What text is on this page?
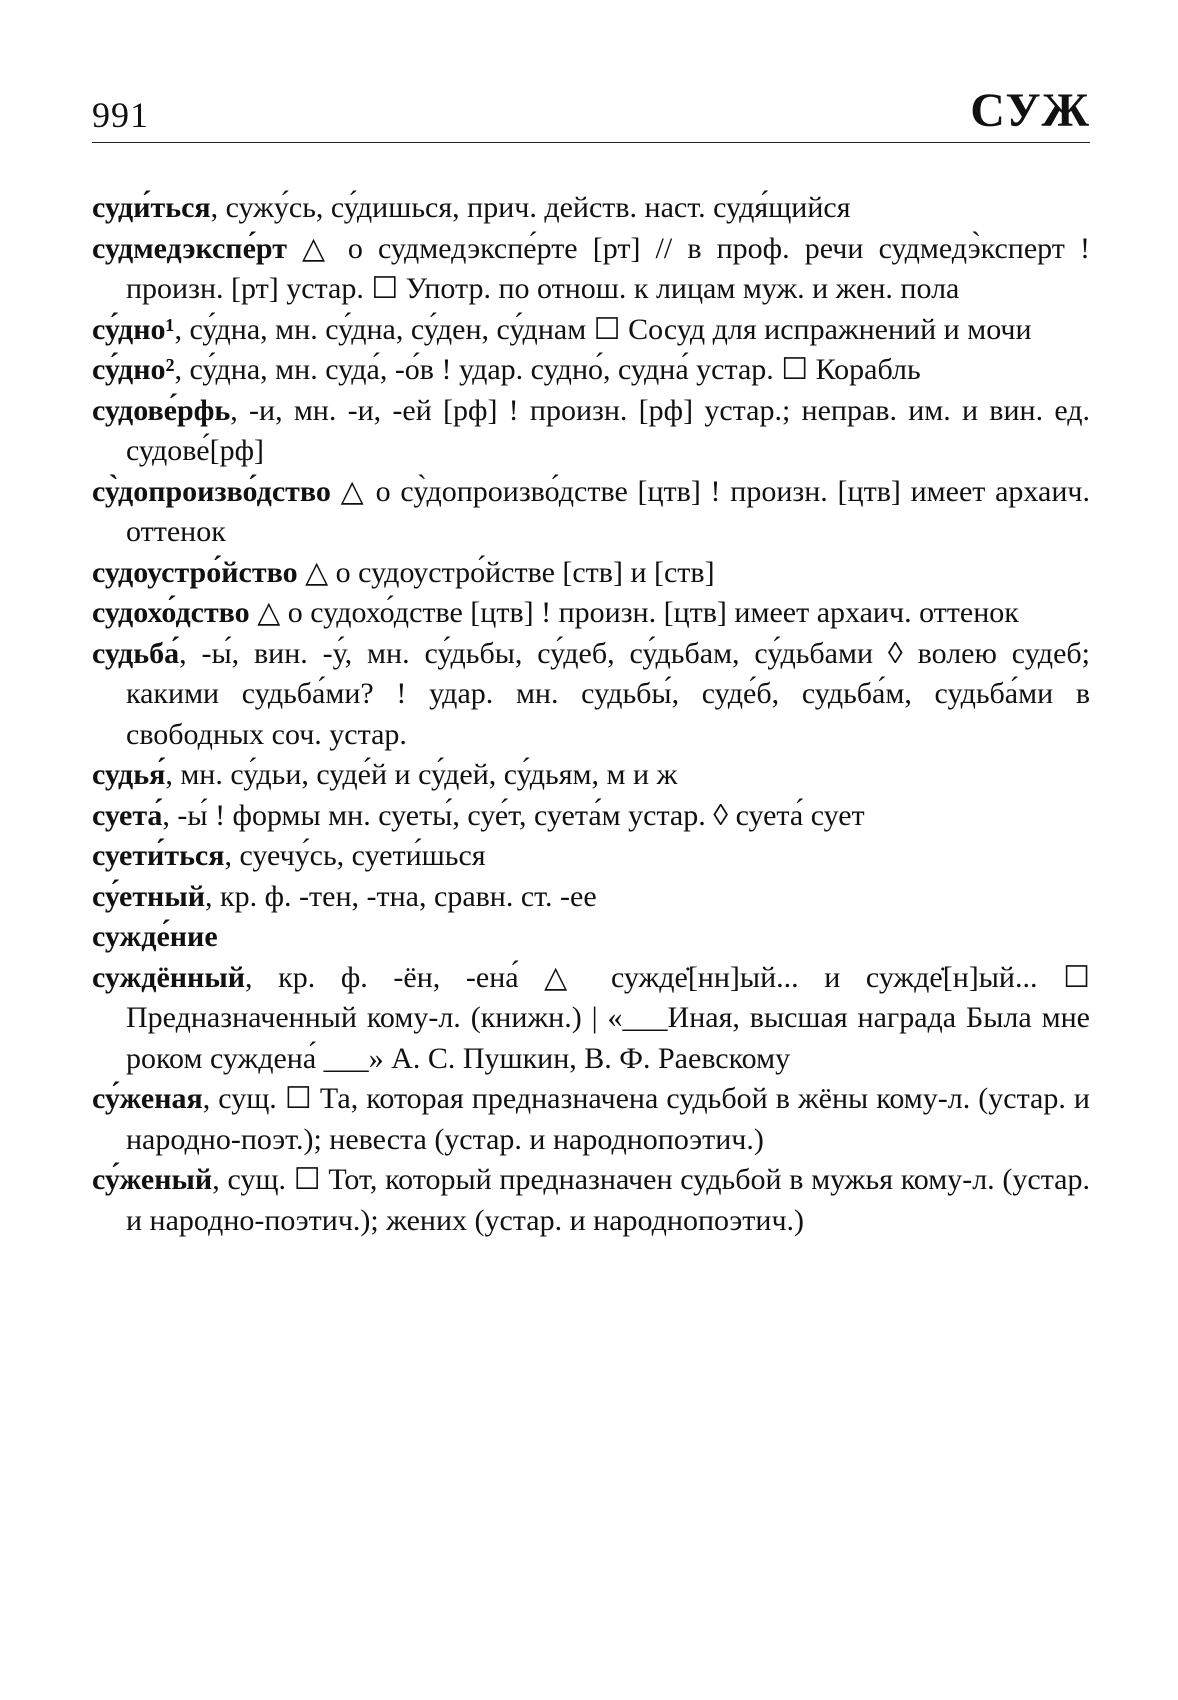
991	СУЖ

суди́ться, сужу́сь, су́дишься, прич. действ. наст. судя́щийся

судмедэкспе́рт △ о судмедэкспе́рте [рт] // в проф. речи судмедэ̀ксперт ! произн. [рт] устар. ☐ Употр. по отнош. к лицам муж. и жен. пола

су́дно¹, су́дна, мн. су́дна, су́ден, су́днам ☐ Сосуд для испражнений и мочи

су́дно², су́дна, мн. суда́, -о́в ! удар. судно́, судна́ устар. ☐ Корабль

судове́рфь, -и, мн. -и, -ей [рф] ! произн. [рф] устар.; неправ. им. и вин. ед. судове́[рф]

су̀допроизво́дство △ о су̀допроизво́дстве [цтв] ! произн. [цтв] имеет архаич. оттенок

судоустро́йство △ о судоустро́йстве [ств] и [ств]

судохо́дство △ о судохо́дстве [цтв] ! произн. [цтв] имеет архаич. оттенок

судьба́, -ы́, вин. -у́, мн. су́дьбы, су́деб, су́дьбам, су́дьбами ◊ волею судеб; какими судьба́ми? ! удар. мн. судьбы́, суде́б, судьба́м, судьба́ми в свободных соч. устар.

судья́, мн. су́дьи, суде́й и су́дей, су́дьям, м и ж

суета́, -ы́ ! формы мн. суеты́, суе́т, суета́м устар. ◊ суета́ сует

суети́ться, суечу́сь, суети́шься

су́етный, кр. ф. -тен, -тна, сравн. ст. -ее

сужде́ние

суждённый, кр. ф. -ён, -ена́ △ сужде̇[нн]ый... и сужде̇[н]ый... ☐ Предназначенный кому-л. (книжн.) | «___Иная, высшая награда Была мне роком суждена́ ___» А. С. Пушкин, В. Ф. Раевскому

су́женая, сущ. ☐ Та, которая предназначена судьбой в жёны кому-л. (устар. и народно-поэт.); невеста (устар. и народнопоэтич.)

су́женый, сущ. ☐ Тот, который предназначен судьбой в мужья кому-л. (устар. и народно-поэтич.); жених (устар. и народнопоэтич.)
